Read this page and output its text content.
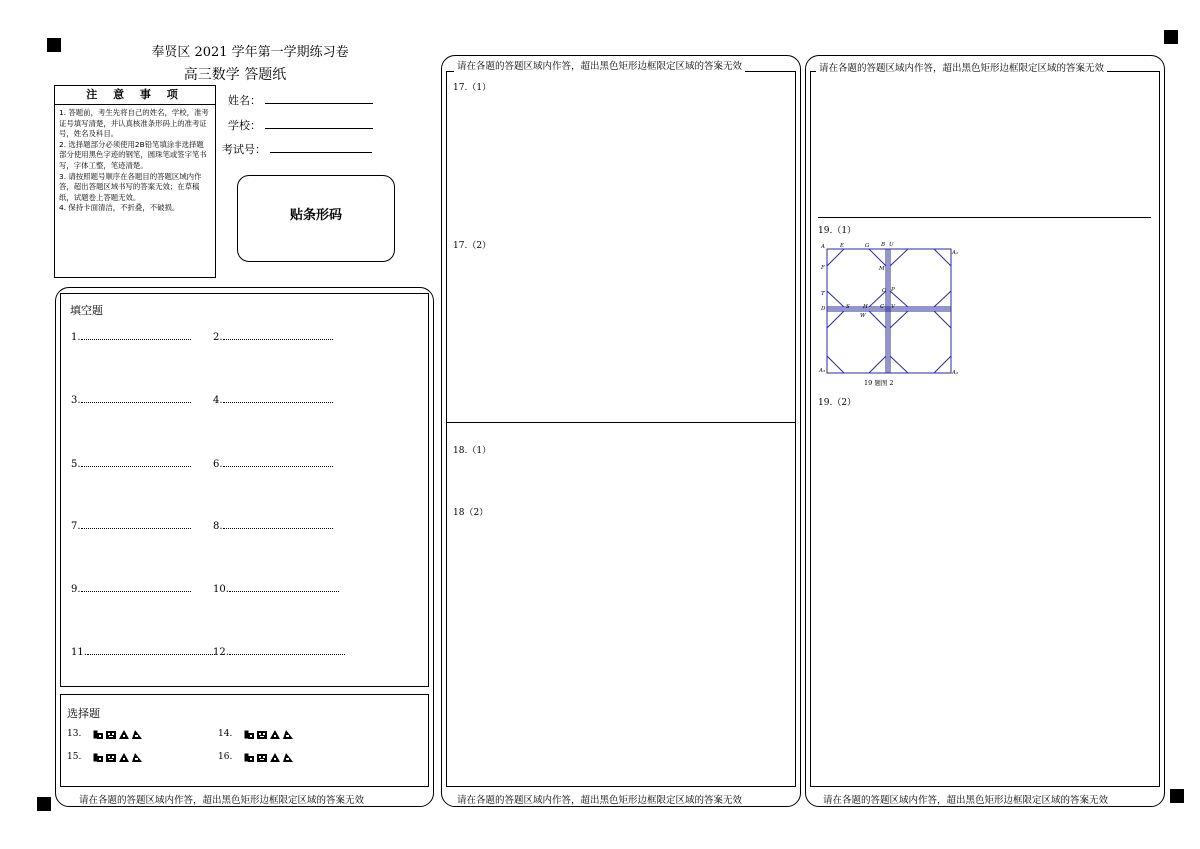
奉贤区 2021 学年第一学期练习卷
高三数学 答题纸
注 意 事 项
1. 答题前，考生先将自己的姓名，学校，准考证号填写清楚，并认真核准条形码上的准考证号，姓名及科目。
2. 选择题部分必须使用2B铅笔填涂非选择题部分使用黑色字迹的钢笔，圆珠笔或签字笔书写，字体工整，笔迹清楚。
3. 请按照题号顺序在各题目的答题区域内作答，超出答题区域书写的答案无效；在草稿纸，试题卷上答题无效。
4. 保持卡面清洁，不折叠，不破损。
姓名：
学校：
考试号：
贴条形码
填空题
1.	2.
3.	4.
5.	6.
7.	8.
9.	10.
11.	12.
选择题
13.	14.
15.	16.
请在各题的答题区域内作答，超出黑色矩形边框限定区域的答案无效
请在各题的答题区域内作答，超出黑色矩形边框限定区域的答案无效
请在各题的答题区域内作答，超出黑色矩形边框限定区域的答案无效
17.（1）
17.（2）
18.（1）
18（2）
请在各题的答题区域内作答，超出黑色矩形边框限定区域的答案无效
请在各题的答题区域内作答，超出黑色矩形边框限定区域的答案无效
19.（1）
19.（2）
A	E	G B U
A₁
F	M
T	O P
D	S H C V
W
A₃	A₂
19 题图 2
